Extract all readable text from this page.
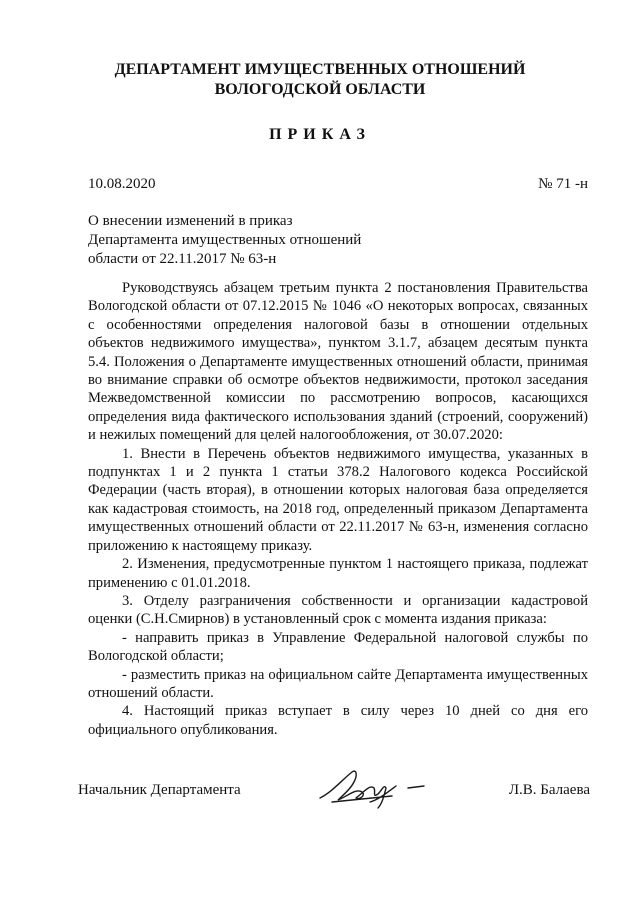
ДЕПАРТАМЕНТ ИМУЩЕСТВЕННЫХ ОТНОШЕНИЙ
ВОЛОГОДСКОЙ ОБЛАСТИ
ПРИКАЗ
10.08.2020	№ 71 -н
О внесении изменений в приказ
Департамента имущественных отношений
области от 22.11.2017 № 63-н

Руководствуясь абзацем третьим пункта 2 постановления Правительства Вологодской области от 07.12.2015 № 1046 «О некоторых вопросах, связанных с особенностями определения налоговой базы в отношении отдельных объектов недвижимого имущества», пунктом 3.1.7, абзацем десятым пункта 5.4. Положения о Департаменте имущественных отношений области, принимая во внимание справки об осмотре объектов недвижимости, протокол заседания Межведомственной комиссии по рассмотрению вопросов, касающихся определения вида фактического использования зданий (строений, сооружений) и нежилых помещений для целей налогообложения, от 30.07.2020:

1. Внести в Перечень объектов недвижимого имущества, указанных в подпунктах 1 и 2 пункта 1 статьи 378.2 Налогового кодекса Российской Федерации (часть вторая), в отношении которых налоговая база определяется как кадастровая стоимость, на 2018 год, определенный приказом Департамента имущественных отношений области от 22.11.2017 № 63-н, изменения согласно приложению к настоящему приказу.

2. Изменения, предусмотренные пунктом 1 настоящего приказа, подлежат применению с 01.01.2018.

3. Отделу разграничения собственности и организации кадастровой оценки (С.Н.Смирнов) в установленный срок с момента издания приказа:

- направить приказ в Управление Федеральной налоговой службы по Вологодской области;

- разместить приказ на официальном сайте Департамента имущественных отношений области.

4. Настоящий приказ вступает в силу через 10 дней со дня его официального опубликования.

Начальник Департамента	Л.В. Балаева
